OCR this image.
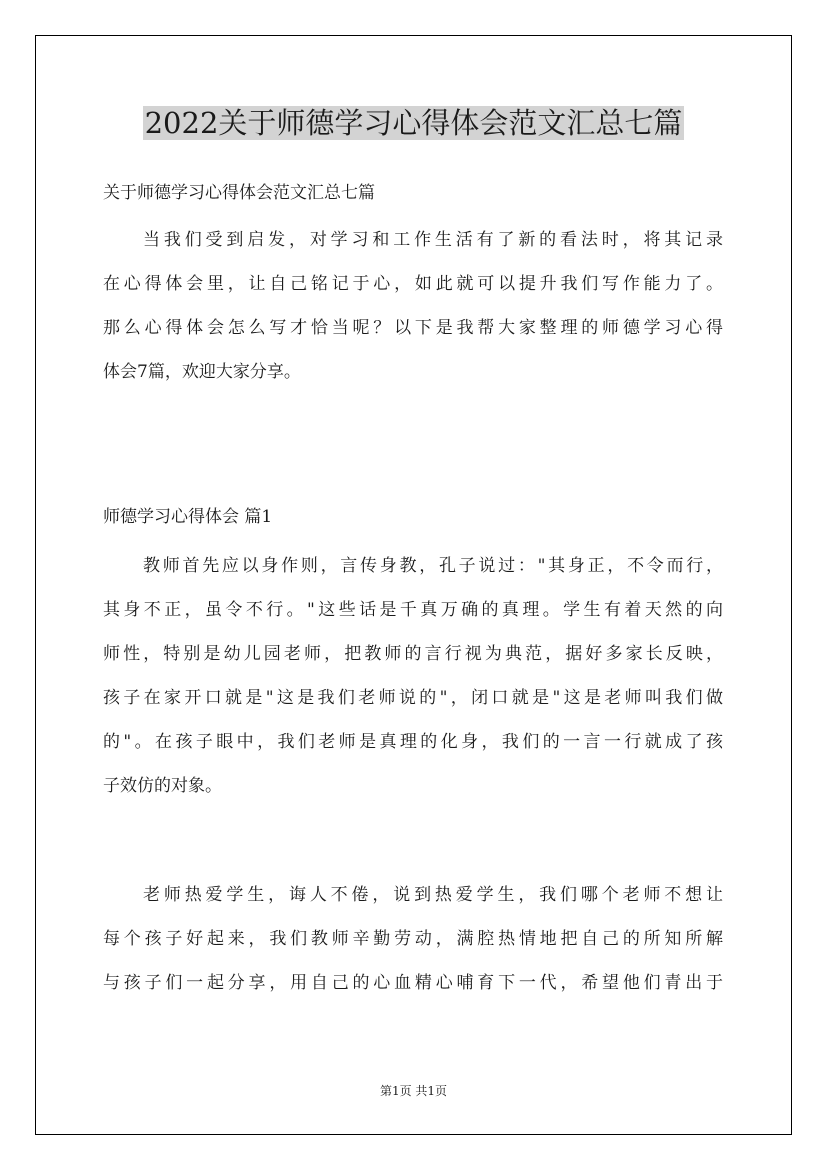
2022关于师德学习心得体会范文汇总七篇
关于师德学习心得体会范文汇总七篇
当我们受到启发，对学习和工作生活有了新的看法时，将其记录
在心得体会里，让自己铭记于心，如此就可以提升我们写作能力了。
那么心得体会怎么写才恰当呢？以下是我帮大家整理的师德学习心得
体会7篇，欢迎大家分享。
师德学习心得体会 篇1
教师首先应以身作则，言传身教，孔子说过："其身正，不令而行，
其身不正，虽令不行。"这些话是千真万确的真理。学生有着天然的向
师性，特别是幼儿园老师，把教师的言行视为典范，据好多家长反映，
孩子在家开口就是"这是我们老师说的"，闭口就是"这是老师叫我们做
的"。在孩子眼中，我们老师是真理的化身，我们的一言一行就成了孩
子效仿的对象。
老师热爱学生，诲人不倦，说到热爱学生，我们哪个老师不想让
每个孩子好起来，我们教师辛勤劳动，满腔热情地把自己的所知所解
与孩子们一起分享，用自己的心血精心哺育下一代，希望他们青出于
第1页 共1页
